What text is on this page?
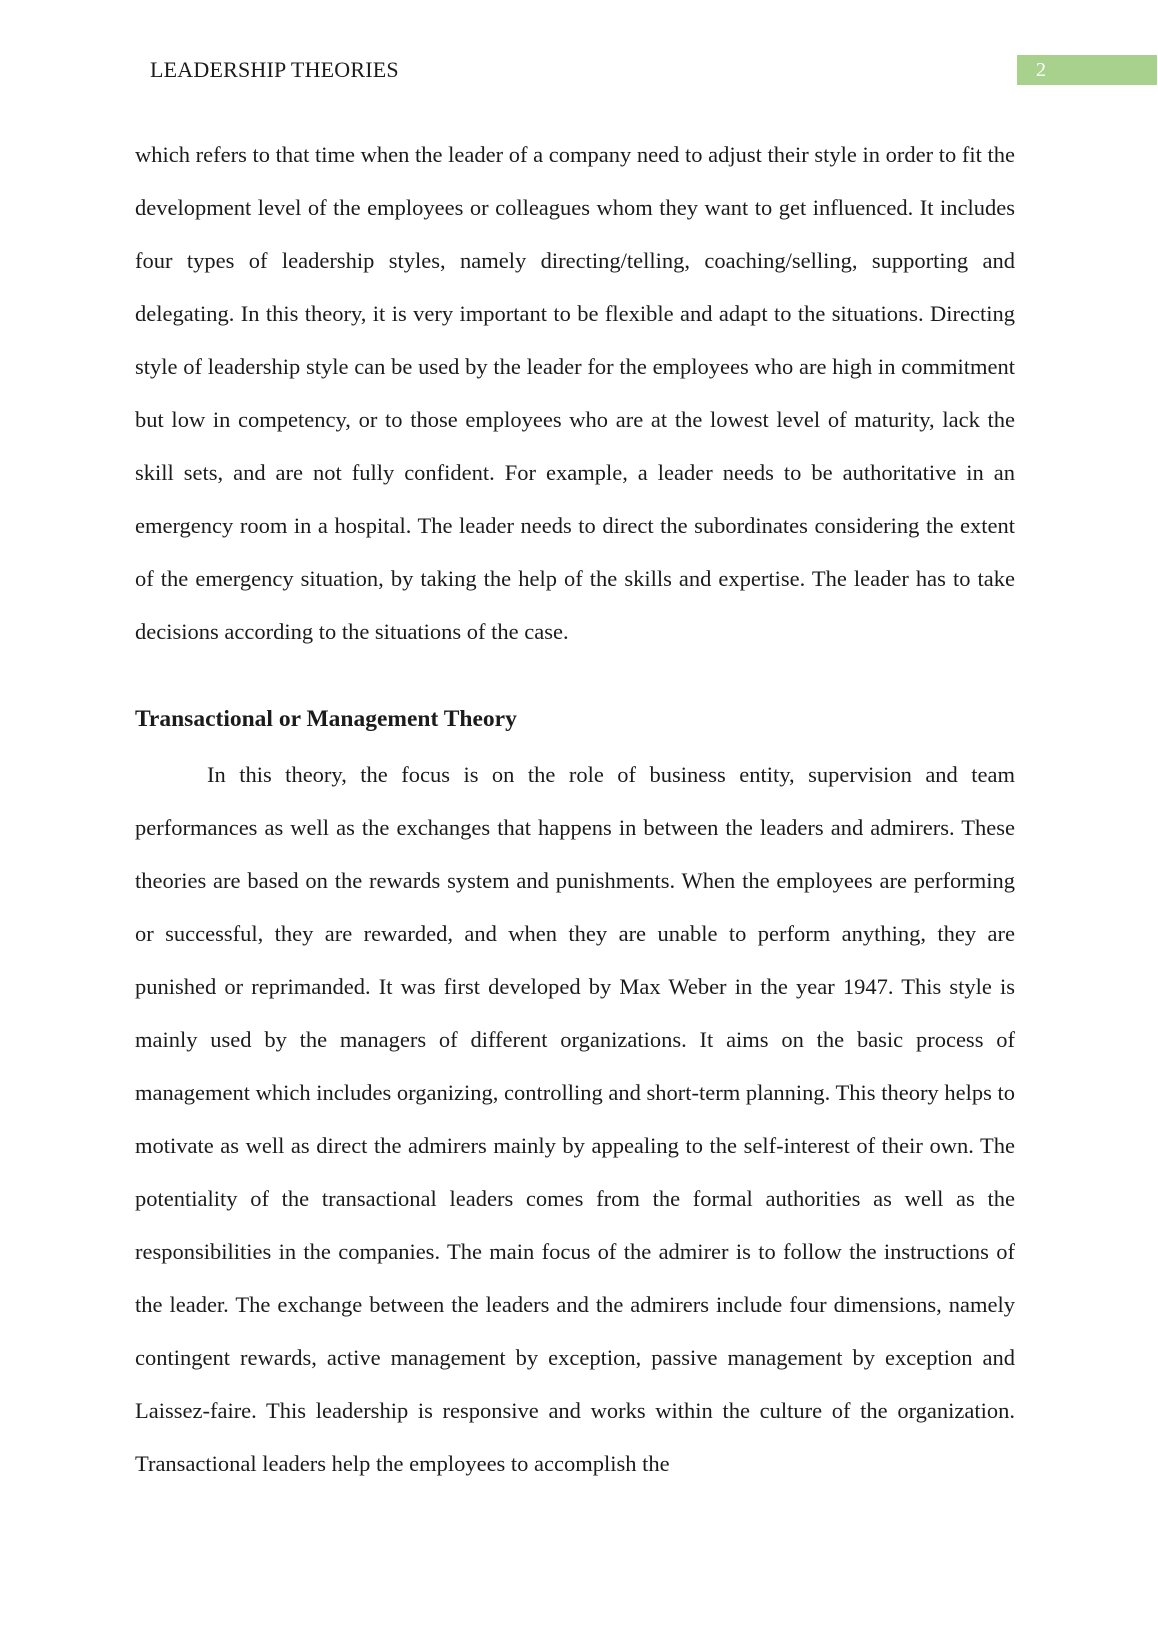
LEADERSHIP THEORIES	2

which refers to that time when the leader of a company need to adjust their style in order to fit the development level of the employees or colleagues whom they want to get influenced. It includes four types of leadership styles, namely directing/telling, coaching/selling, supporting and delegating. In this theory, it is very important to be flexible and adapt to the situations. Directing style of leadership style can be used by the leader for the employees who are high in commitment but low in competency, or to those employees who are at the lowest level of maturity, lack the skill sets, and are not fully confident. For example, a leader needs to be authoritative in an emergency room in a hospital. The leader needs to direct the subordinates considering the extent of the emergency situation, by taking the help of the skills and expertise. The leader has to take decisions according to the situations of the case.

Transactional or Management Theory

In this theory, the focus is on the role of business entity, supervision and team performances as well as the exchanges that happens in between the leaders and admirers. These theories are based on the rewards system and punishments. When the employees are performing or successful, they are rewarded, and when they are unable to perform anything, they are punished or reprimanded. It was first developed by Max Weber in the year 1947. This style is mainly used by the managers of different organizations. It aims on the basic process of management which includes organizing, controlling and short-term planning. This theory helps to motivate as well as direct the admirers mainly by appealing to the self-interest of their own. The potentiality of the transactional leaders comes from the formal authorities as well as the responsibilities in the companies. The main focus of the admirer is to follow the instructions of the leader. The exchange between the leaders and the admirers include four dimensions, namely contingent rewards, active management by exception, passive management by exception and Laissez-faire. This leadership is responsive and works within the culture of the organization. Transactional leaders help the employees to accomplish the
